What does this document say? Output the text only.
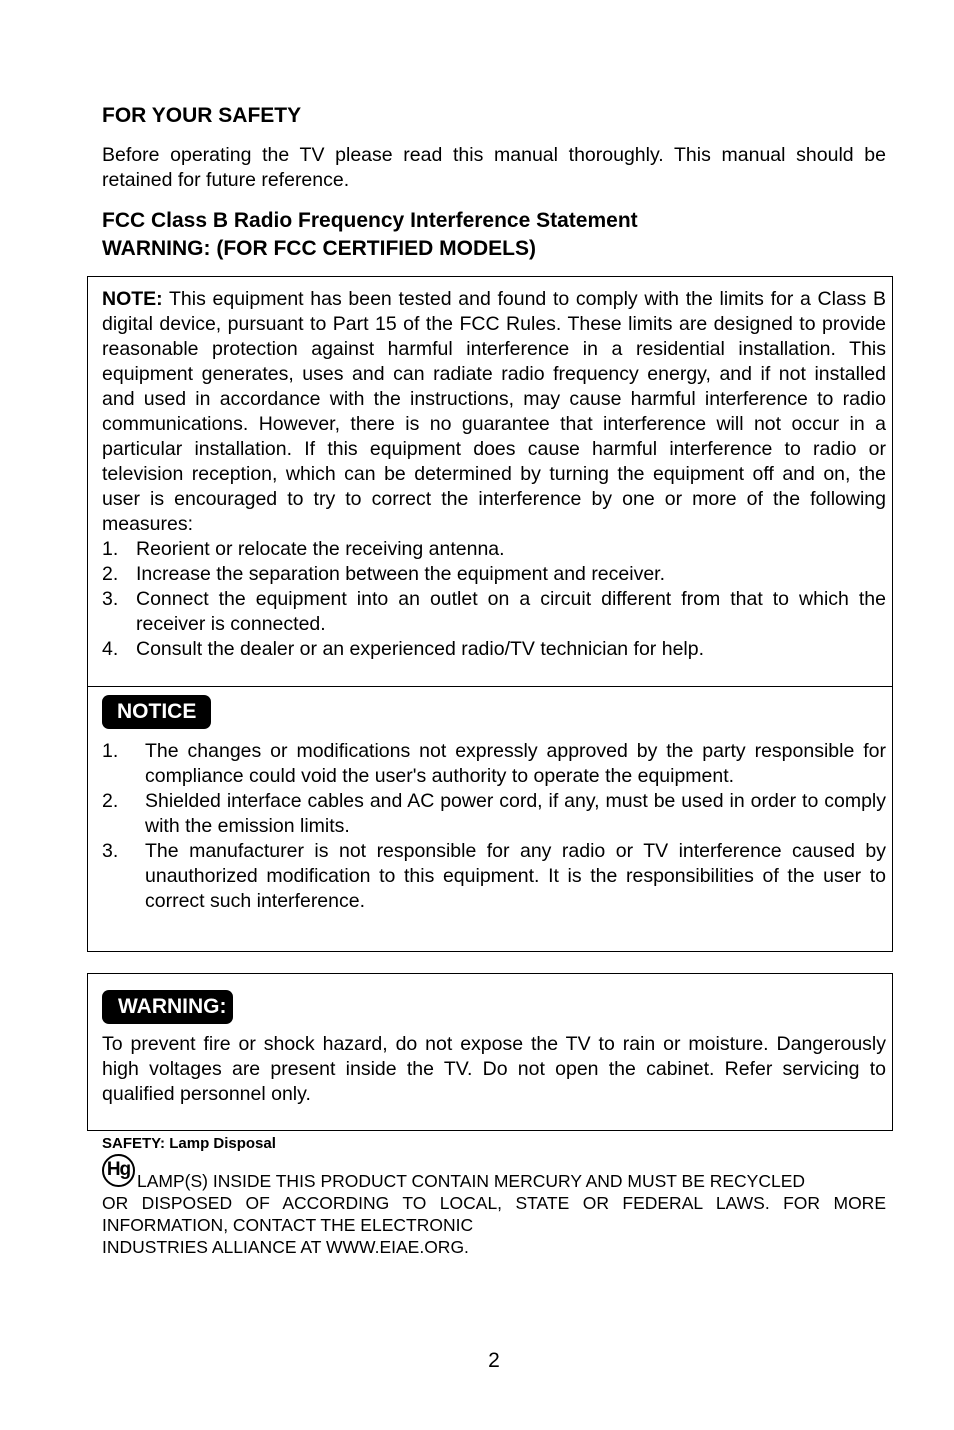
FOR YOUR SAFETY

Before operating the TV please read this manual thoroughly. This manual should be retained for future reference.

FCC Class B Radio Frequency Interference Statement
WARNING: (FOR FCC CERTIFIED MODELS)
NOTE: This equipment has been tested and found to comply with the limits for a Class B digital device, pursuant to Part 15 of the FCC Rules. These limits are designed to provide reasonable protection against harmful interference in a residential installation. This equipment generates, uses and can radiate radio frequency energy, and if not installed and used in accordance with the instructions, may cause harmful interference to radio communications. However, there is no guarantee that interference will not occur in a particular installation. If this equipment does cause harmful interference to radio or television reception, which can be determined by turning the equipment off and on, the user is encouraged to try to correct the interference by one or more of the following measures:
1. Reorient or relocate the receiving antenna.
2. Increase the separation between the equipment and receiver.
3. Connect the equipment into an outlet on a circuit different from that to which the receiver is connected.
4. Consult the dealer or an experienced radio/TV technician for help.
NOTICE
1. The changes or modifications not expressly approved by the party responsible for compliance could void the user's authority to operate the equipment.
2. Shielded interface cables and AC power cord, if any, must be used in order to comply with the emission limits.
3. The manufacturer is not responsible for any radio or TV interference caused by unauthorized modification to this equipment. It is the responsibilities of the user to correct such interference.
WARNING:

To prevent fire or shock hazard, do not expose the TV to rain or moisture. Dangerously high voltages are present inside the TV. Do not open the cabinet. Refer servicing to qualified personnel only.

SAFETY: Lamp Disposal

Hg
LAMP(S) INSIDE THIS PRODUCT CONTAIN MERCURY AND MUST BE RECYCLED
OR DISPOSED OF ACCORDING TO LOCAL, STATE OR FEDERAL LAWS. FOR MORE
INFORMATION, CONTACT THE ELECTRONIC
INDUSTRIES ALLIANCE AT WWW.EIAE.ORG.

2
